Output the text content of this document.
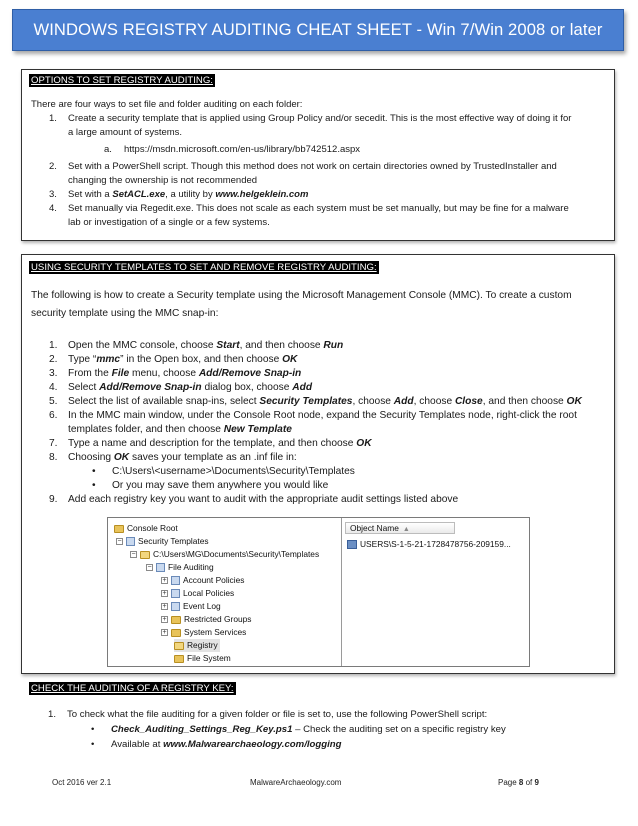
WINDOWS REGISTRY AUDITING CHEAT SHEET - Win 7/Win 2008 or later
OPTIONS TO SET REGISTRY AUDITING:

There are four ways to set file and folder auditing on each folder:

1. Create a security template that is applied using Group Policy and/or secedit. This is the most effective way of doing it for
a large amount of systems.
a. https://msdn.microsoft.com/en-us/library/bb742512.aspx
2. Set with a PowerShell script. Though this method does not work on certain directories owned by TrustedInstaller and
changing the ownership is not recommended
3. Set with a SetACL.exe, a utility by www.helgeklein.com
4. Set manually via Regedit.exe. This does not scale as each system must be set manually, but may be fine for a malware
lab or investigation of a single or a few systems.
USING SECURITY TEMPLATES TO SET AND REMOVE REGISTRY AUDITING:

The following is how to create a Security template using the Microsoft Management Console (MMC). To create a custom security template using the MMC snap-in:

1. Open the MMC console, choose Start, and then choose Run
2. Type “mmc” in the Open box, and then choose OK
3. From the File menu, choose Add/Remove Snap-in
4. Select Add/Remove Snap-in dialog box, choose Add
5. Select the list of available snap-ins, select Security Templates, choose Add, choose Close, and then choose OK
6. In the MMC main window, under the Console Root node, expand the Security Templates node, right-click the root
templates folder, and then choose New Template
7. Type a name and description for the template, and then choose OK
8. Choosing OK saves your template as an .inf file in:
• C:\Users\<username>\Documents\Security\Templates
• Or you may save them anywhere you would like
9. Add each registry key you want to audit with the appropriate audit settings listed above
Console Root
− Security Templates
− C:\Users\MG\Documents\Security\Templates
− File Auditing
+ Account Policies
+ Local Policies
+ Event Log
+ Restricted Groups
+ System Services
Registry
File System
Object Name ▲
USERS\S-1-5-21-1728478756-209159...
CHECK THE AUDITING OF A REGISTRY KEY:
1. To check what the file auditing for a given folder or file is set to, use the following PowerShell script:
• Check_Auditing_Settings_Reg_Key.ps1 – Check the auditing set on a specific registry key
• Available at www.Malwarearchaeology.com/logging
Oct 2016 ver 2.1	MalwareArchaeology.com	Page 8 of 9
